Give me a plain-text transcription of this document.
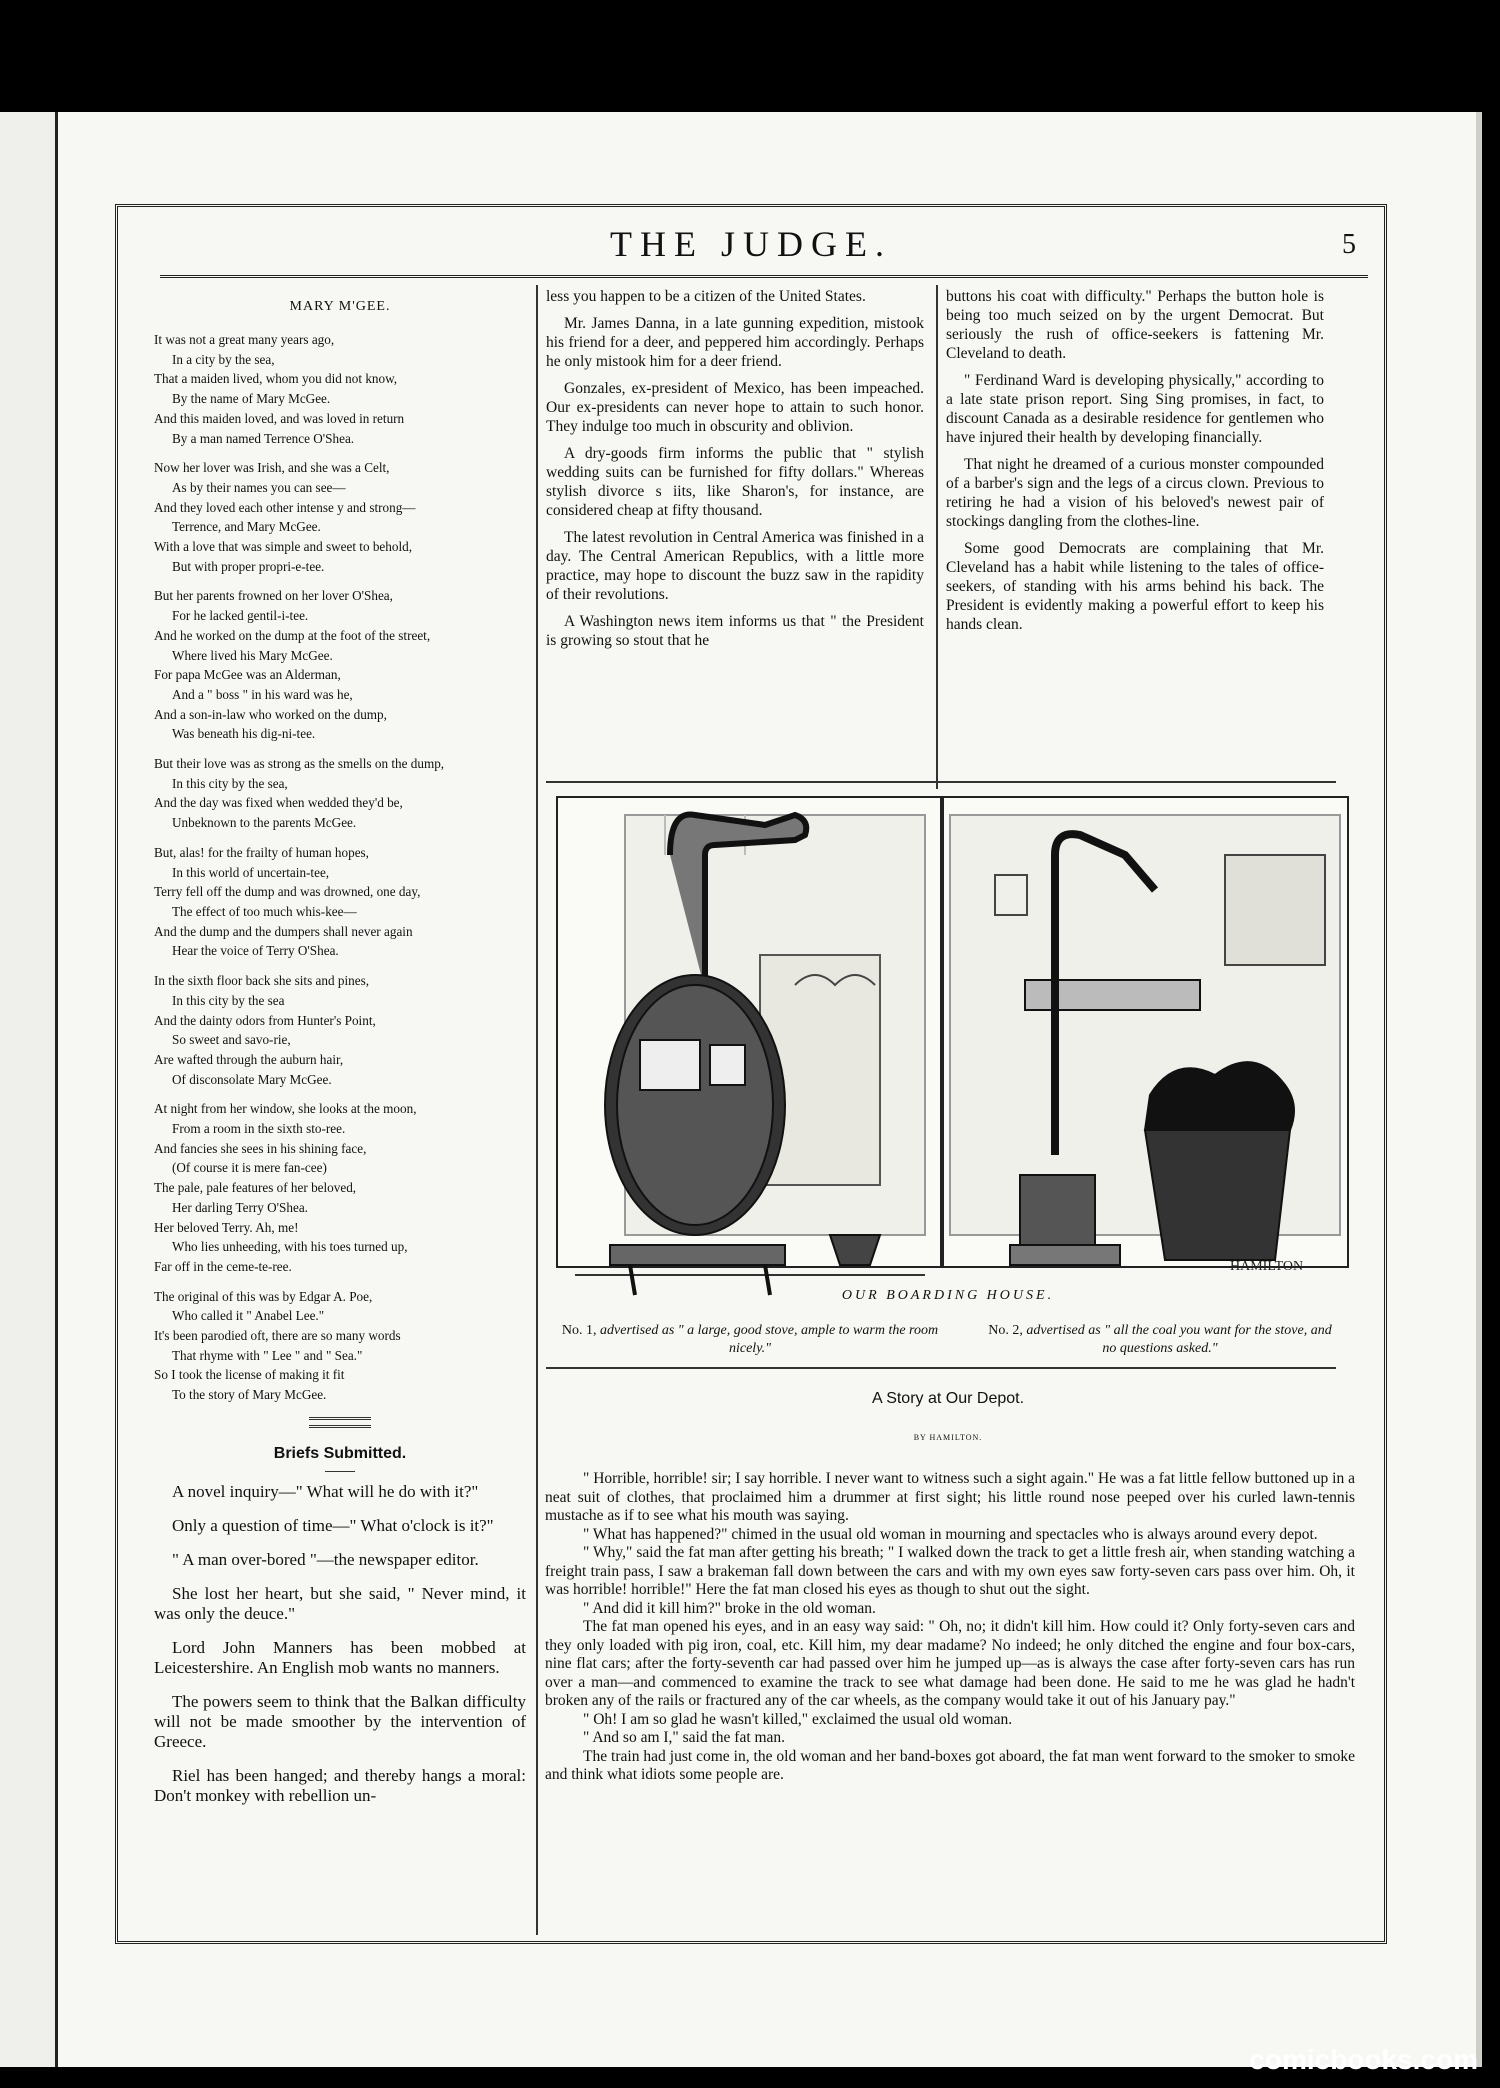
THE JUDGE.	5
MARY M'GEE.
It was not a great many years ago,
In a city by the sea,
That a maiden lived, whom you did not know,
By the name of Mary McGee.
And this maiden loved, and was loved in return
By a man named Terrence O'Shea.
Now her lover was Irish, and she was a Celt,
As by their names you can see—
And they loved each other intense y and strong—
Terrence, and Mary McGee.
With a love that was simple and sweet to behold,
But with proper propri-e-tee.
But her parents frowned on her lover O'Shea,
For he lacked gentil-i-tee.
And he worked on the dump at the foot of the street,
Where lived his Mary McGee.
For papa McGee was an Alderman,
And a " boss " in his ward was he,
And a son-in-law who worked on the dump,
Was beneath his dig-ni-tee.
But their love was as strong as the smells on the dump,
In this city by the sea,
And the day was fixed when wedded they'd be,
Unbeknown to the parents McGee.
But, alas! for the frailty of human hopes,
In this world of uncertain-tee,
Terry fell off the dump and was drowned, one day,
The effect of too much whis-kee—
And the dump and the dumpers shall never again
Hear the voice of Terry O'Shea.
In the sixth floor back she sits and pines,
In this city by the sea
And the dainty odors from Hunter's Point,
So sweet and savo-rie,
Are wafted through the auburn hair,
Of disconsolate Mary McGee.
At night from her window, she looks at the moon,
From a room in the sixth sto-ree.
And fancies she sees in his shining face,
(Of course it is mere fan-cee)
The pale, pale features of her beloved,
Her darling Terry O'Shea.
Her beloved Terry. Ah, me!
Who lies unheeding, with his toes turned up,
Far off in the ceme-te-ree.
The original of this was by Edgar A. Poe,
Who called it " Anabel Lee."
It's been parodied oft, there are so many words
That rhyme with " Lee " and " Sea."
So I took the license of making it fit
To the story of Mary McGee.
Briefs Submitted.

A novel inquiry—" What will he do with it?"

Only a question of time—" What o'clock is it?"

" A man over-bored "—the newspaper editor.

She lost her heart, but she said, " Never mind, it was only the deuce."

Lord John Manners has been mobbed at Leicestershire. An English mob wants no manners.

The powers seem to think that the Balkan difficulty will not be made smoother by the intervention of Greece.

Riel has been hanged; and thereby hangs a moral: Don't monkey with rebellion un-

less you happen to be a citizen of the United States.

Mr. James Danna, in a late gunning expedition, mistook his friend for a deer, and peppered him accordingly. Perhaps he only mistook him for a deer friend.

Gonzales, ex-president of Mexico, has been impeached. Our ex-presidents can never hope to attain to such honor. They indulge too much in obscurity and oblivion.

A dry-goods firm informs the public that " stylish wedding suits can be furnished for fifty dollars." Whereas stylish divorce s iits, like Sharon's, for instance, are considered cheap at fifty thousand.

The latest revolution in Central America was finished in a day. The Central American Republics, with a little more practice, may hope to discount the buzz saw in the rapidity of their revolutions.

A Washington news item informs us that " the President is growing so stout that he

buttons his coat with difficulty." Perhaps the button hole is being too much seized on by the urgent Democrat. But seriously the rush of office-seekers is fattening Mr. Cleveland to death.

" Ferdinand Ward is developing physically," according to a late state prison report. Sing Sing promises, in fact, to discount Canada as a desirable residence for gentlemen who have injured their health by developing financially.

That night he dreamed of a curious monster compounded of a barber's sign and the legs of a circus clown. Previous to retiring he had a vision of his beloved's newest pair of stockings dangling from the clothes-line.

Some good Democrats are complaining that Mr. Cleveland has a habit while listening to the tales of office-seekers, of standing with his arms behind his back. The President is evidently making a powerful effort to keep his hands clean.

HAMILTON
OUR BOARDING HOUSE.
No. 1, advertised as " a large, good stove, ample to warm the room nicely."
No. 2, advertised as " all the coal you want for the stove, and no questions asked."
A Story at Our Depot.
BY HAMILTON.

" Horrible, horrible! sir; I say horrible. I never want to witness such a sight again." He was a fat little fellow buttoned up in a neat suit of clothes, that proclaimed him a drummer at first sight; his little round nose peeped over his curled lawn-tennis mustache as if to see what his mouth was saying.

" What has happened?" chimed in the usual old woman in mourning and spectacles who is always around every depot.

" Why," said the fat man after getting his breath; " I walked down the track to get a little fresh air, when standing watching a freight train pass, I saw a brakeman fall down between the cars and with my own eyes saw forty-seven cars pass over him. Oh, it was horrible! horrible!" Here the fat man closed his eyes as though to shut out the sight.

" And did it kill him?" broke in the old woman.

The fat man opened his eyes, and in an easy way said: " Oh, no; it didn't kill him. How could it? Only forty-seven cars and they only loaded with pig iron, coal, etc. Kill him, my dear madame? No indeed; he only ditched the engine and four box-cars, nine flat cars; after the forty-seventh car had passed over him he jumped up—as is always the case after forty-seven cars has run over a man—and commenced to examine the track to see what damage had been done. He said to me he was glad he hadn't broken any of the rails or fractured any of the car wheels, as the company would take it out of his January pay."

" Oh! I am so glad he wasn't killed," exclaimed the usual old woman.

" And so am I," said the fat man.

The train had just come in, the old woman and her band-boxes got aboard, the fat man went forward to the smoker to smoke and think what idiots some people are.

comicbooks.com
